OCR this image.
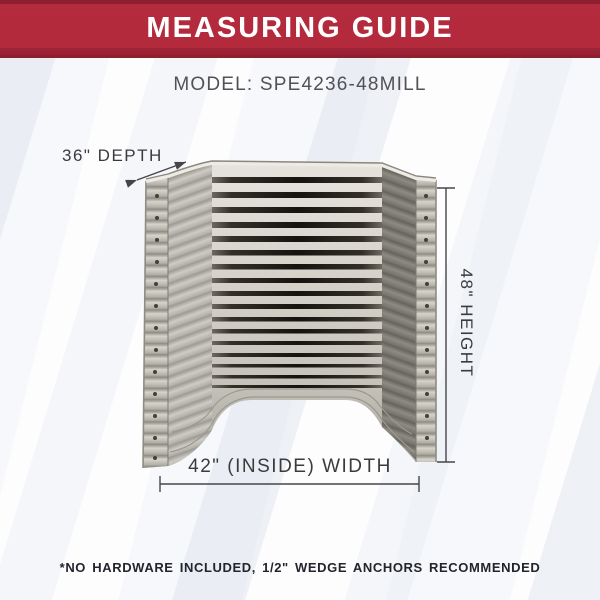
MEASURING GUIDE
MODEL: SPE4236-48MILL
36" DEPTH
48" HEIGHT
42" (INSIDE) WIDTH
*NO HARDWARE INCLUDED, 1/2" WEDGE ANCHORS RECOMMENDED
